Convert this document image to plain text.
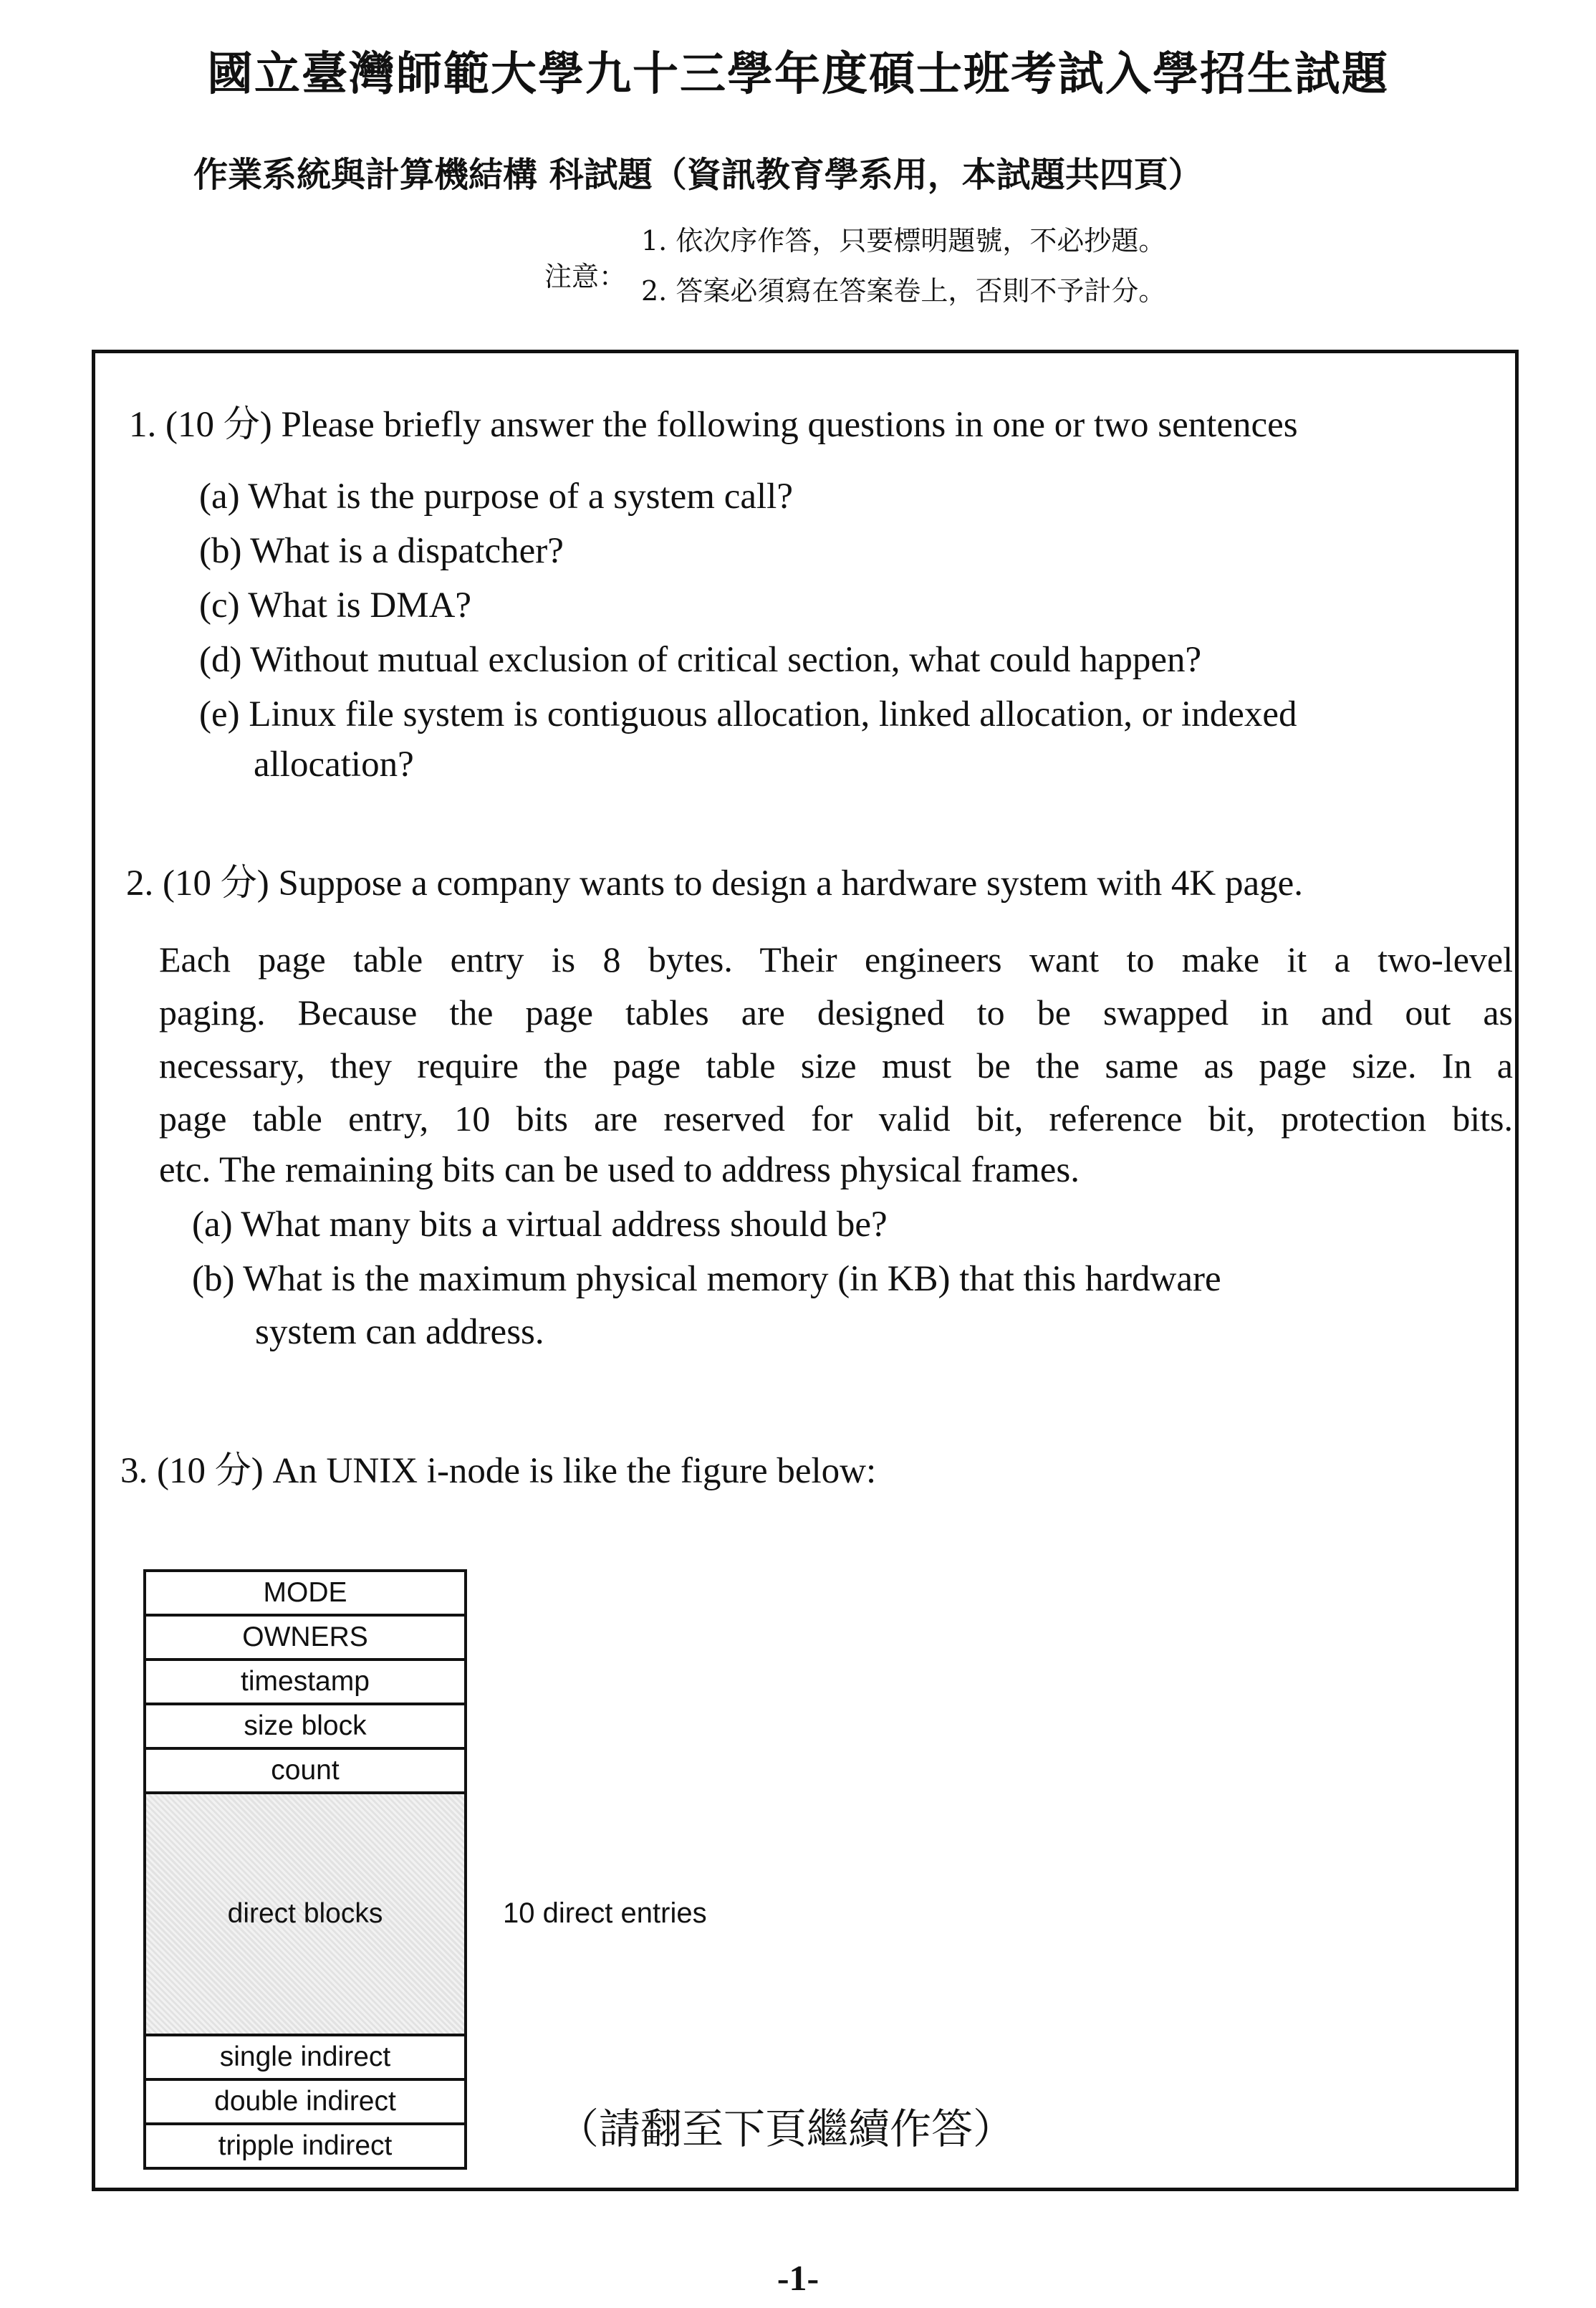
國立臺灣師範大學九十三學年度碩士班考試入學招生試題
作業系統與計算機結構 科試題（資訊教育學系用，本試題共四頁）
注意：
1. 依次序作答，只要標明題號，不必抄題。
2. 答案必須寫在答案卷上，否則不予計分。
1. (10 分) Please briefly answer the following questions in one or two sentences
(a) What is the purpose of a system call?
(b) What is a dispatcher?
(c) What is DMA?
(d) Without mutual exclusion of critical section, what could happen?
(e) Linux file system is contiguous allocation, linked allocation, or indexed
allocation?
2. (10 分) Suppose a company wants to design a hardware system with 4K page.
Each page table entry is 8 bytes. Their engineers want to make it a two-level
paging. Because the page tables are designed to be swapped in and out as
necessary, they require the page table size must be the same as page size. In a
page table entry, 10 bits are reserved for valid bit, reference bit, protection bits.
etc. The remaining bits can be used to address physical frames.
(a) What many bits a virtual address should be?
(b) What is the maximum physical memory (in KB) that this hardware
system can address.
3. (10 分) An UNIX i-node is like the figure below:
MODE
OWNERS
timestamp
size block
count
direct blocks
single indirect
double indirect
tripple indirect
10 direct entries
（請翻至下頁繼續作答）
-1-
